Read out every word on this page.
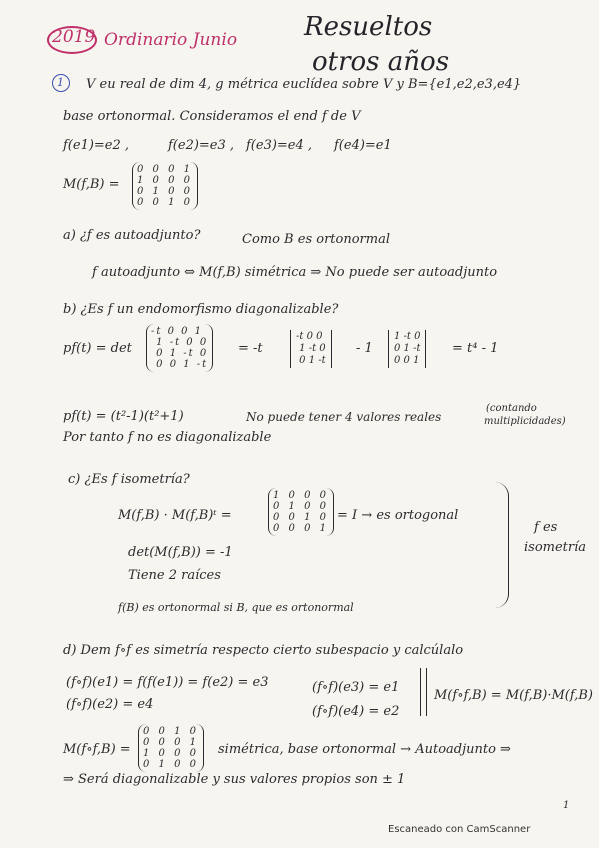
2019 Ordinario Junio	Resueltos
otros años
1 V eu real de dim 4, g métrica euclídea sobre V y B={e1,e2,e3,e4}
base ortonormal. Consideramos el end f de V
f(e1)=e2 ,	f(e2)=e3 , f(e3)=e4 , f(e4)=e1
M(f,B) =
0 0 0 1
1 0 0 0
0 1 0 0
0 0 1 0
a) ¿f es autoadjunto?	Como B es ortonormal
f autoadjunto ⇔ M(f,B) simétrica ⇒ No puede ser autoadjunto
b) ¿Es f un endomorfismo diagonalizable?
pf(t) = det
-t 0 0 1
1 -t 0 0
0 1 -t 0
0 0 1 -t
= -t
-t 0 0
1 -t 0
0 1 -t
- 1
1 -t 0
0 1 -t
0 0 1
= t⁴ - 1
pf(t) = (t²-1)(t²+1)	No puede tener 4 valores reales
(contando
multiplicidades)
Por tanto f no es diagonalizable
c) ¿Es f isometría?
M(f,B) · M(f,B)ᵗ =
1 0 0 0
0 1 0 0
0 0 1 0
0 0 0 1
= I → es ortogonal
det(M(f,B)) = -1
Tiene 2 raíces
f(B) es ortonormal si B, que es ortonormal
f es
isometría
d) Dem f∘f es simetría respecto cierto subespacio y calcúlalo
(f∘f)(e1) = f(f(e1)) = f(e2) = e3
(f∘f)(e2) = e4
(f∘f)(e3) = e1
(f∘f)(e4) = e2
M(f∘f,B) = M(f,B)·M(f,B)
M(f∘f,B) =
0 0 1 0
0 0 0 1
1 0 0 0
0 1 0 0
simétrica, base ortonormal → Autoadjunto ⇒
⇒ Será diagonalizable y sus valores propios son ± 1
1
Escaneado con CamScanner
